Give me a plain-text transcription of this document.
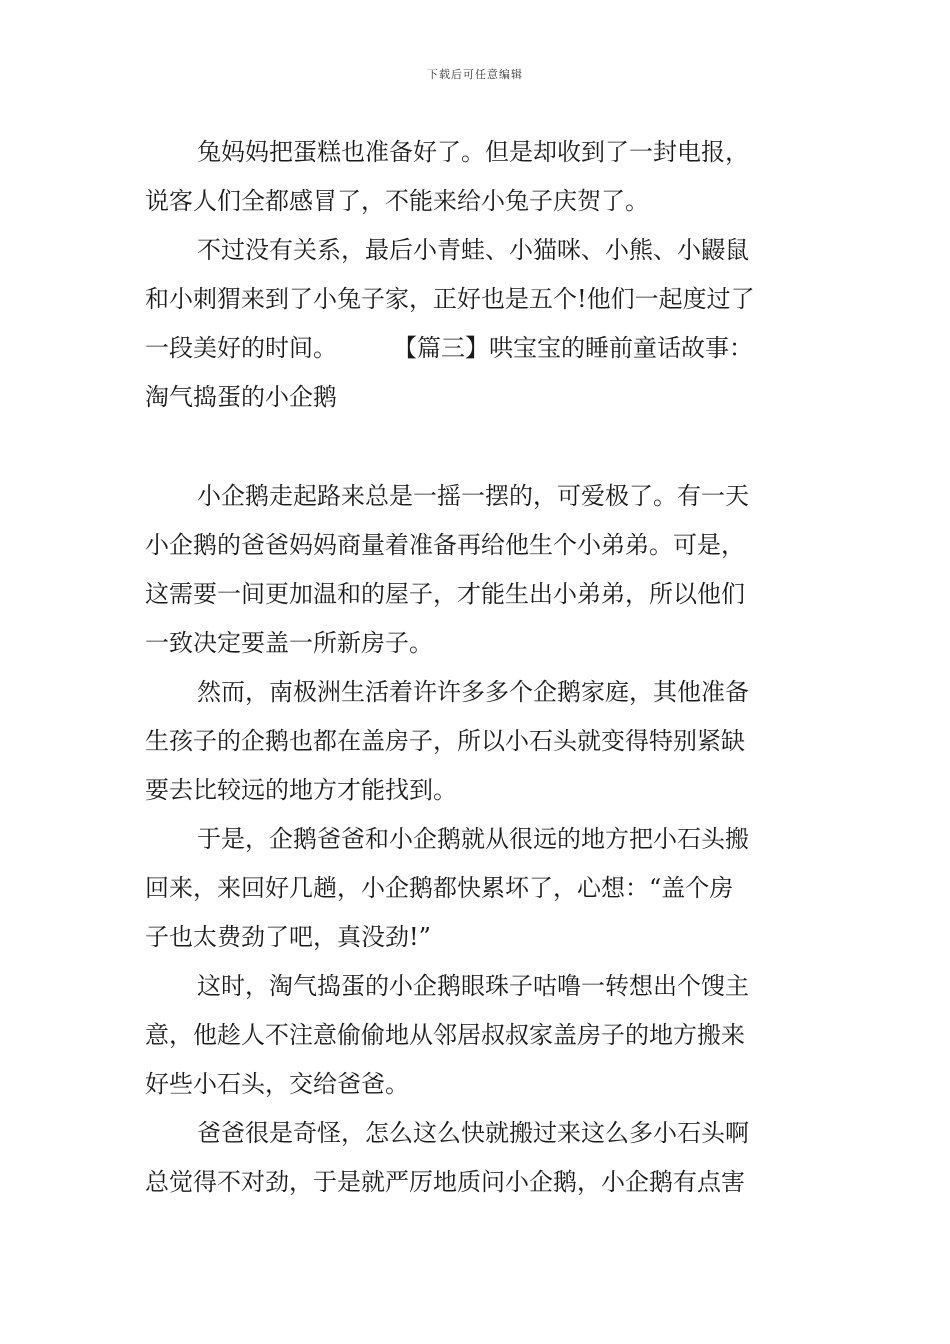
下载后可任意编辑
兔妈妈把蛋糕也准备好了。但是却收到了一封电报，
说客人们全都感冒了，不能来给小兔子庆贺了。
不过没有关系，最后小青蛙、小猫咪、小熊、小鼹鼠
和小刺猬来到了小兔子家，正好也是五个!他们一起度过了
一段美好的时间。	【篇三】哄宝宝的睡前童话故事：
淘气捣蛋的小企鹅
小企鹅走起路来总是一摇一摆的，可爱极了。有一天
小企鹅的爸爸妈妈商量着准备再给他生个小弟弟。可是，
这需要一间更加温和的屋子，才能生出小弟弟，所以他们
一致决定要盖一所新房子。
然而，南极洲生活着许许多多个企鹅家庭，其他准备
生孩子的企鹅也都在盖房子，所以小石头就变得特别紧缺
要去比较远的地方才能找到。
于是，企鹅爸爸和小企鹅就从很远的地方把小石头搬
回来，来回好几趟，小企鹅都快累坏了，心想：“盖个房
子也太费劲了吧，真没劲!”
这时，淘气捣蛋的小企鹅眼珠子咕噜一转想出个馊主
意，他趁人不注意偷偷地从邻居叔叔家盖房子的地方搬来
好些小石头，交给爸爸。
爸爸很是奇怪，怎么这么快就搬过来这么多小石头啊
总觉得不对劲，于是就严厉地质问小企鹅，小企鹅有点害
